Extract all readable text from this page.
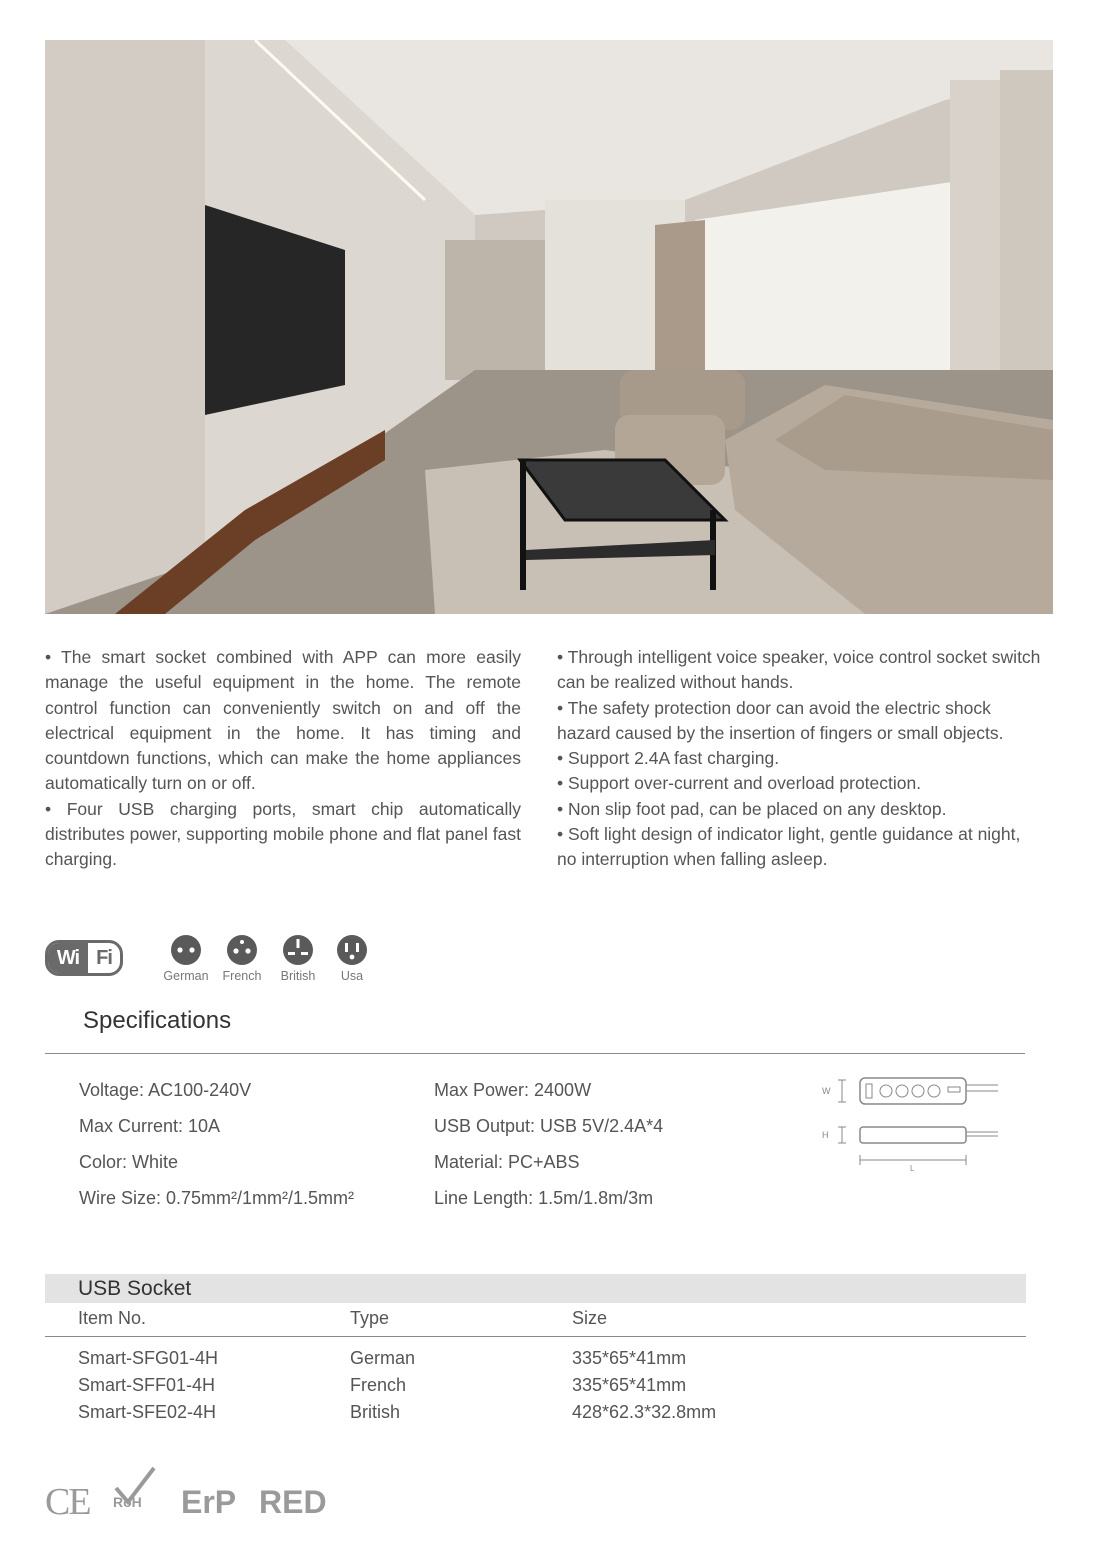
• The smart socket combined with APP can more easily manage the useful equipment in the home. The remote control function can conveniently switch on and off the electrical equipment in the home. It has timing and countdown functions, which can make the home appliances automatically turn on or off.

• Four USB charging ports, smart chip automatically distributes power, supporting mobile phone and flat panel fast charging.

• Through intelligent voice speaker, voice control socket switch can be realized without hands.

• The safety protection door can avoid the electric shock hazard caused by the insertion of fingers or small objects.

• Support 2.4A fast charging.

• Support over-current and overload protection.

• Non slip foot pad, can be placed on any desktop.

• Soft light design of indicator light, gentle guidance at night, no interruption when falling asleep.

Wi Fi
German	French	British	Usa
Specifications
Voltage: AC100-240V
Max Current: 10A
Color: White
Wire Size: 0.75mm²/1mm²/1.5mm²
Max Power: 2400W
USB Output: USB 5V/2.4A*4
Material: PC+ABS
Line Length: 1.5m/1.8m/3m
W
H
L
USB Socket
Item No.	Type	Size
Smart-SFG01-4H	German	335*65*41mm
Smart-SFF01-4H	French	335*65*41mm
Smart-SFE02-4H	British	428*62.3*32.8mm
CE RoH ErP RED
